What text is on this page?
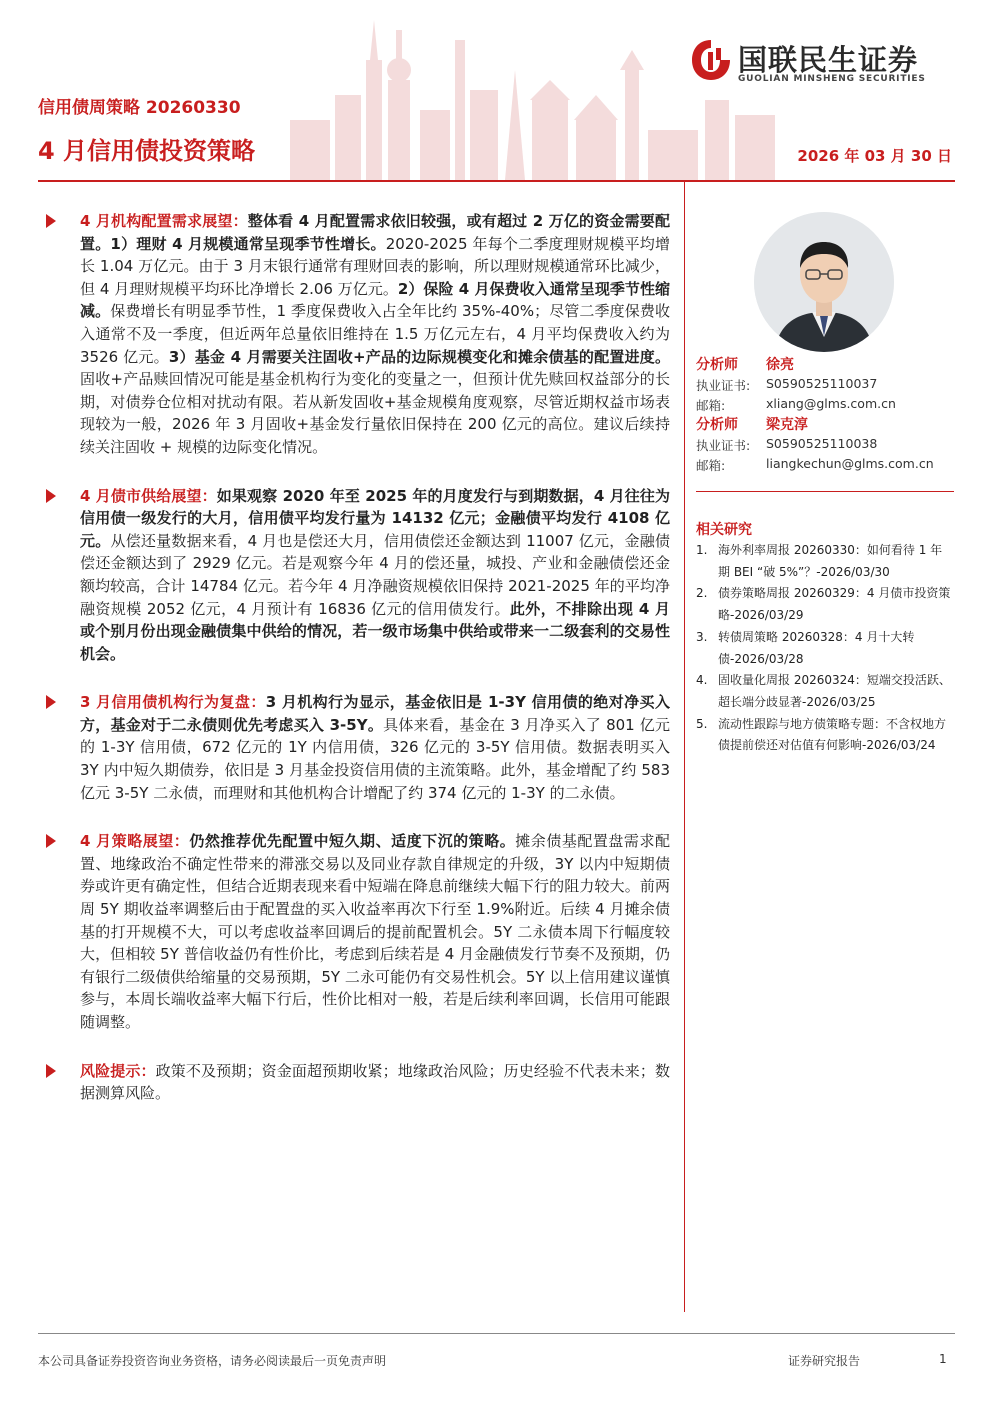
国联民生证券
GUOLIAN MINSHENG SECURITIES
信用债周策略 20260330
4 月信用债投资策略	2026 年 03 月 30 日
4 月机构配置需求展望：整体看 4 月配置需求依旧较强，或有超过 2 万亿的资金需要配置。1）理财 4 月规模通常呈现季节性增长。2020-2025 年每个二季度理财规模平均增长 1.04 万亿元。由于 3 月末银行通常有理财回表的影响，所以理财规模通常环比减少，但 4 月理财规模平均环比净增长 2.06 万亿元。2）保险 4 月保费收入通常呈现季节性缩减。保费增长有明显季节性，1 季度保费收入占全年比约 35%-40%；尽管二季度保费收入通常不及一季度，但近两年总量依旧维持在 1.5 万亿元左右，4 月平均保费收入约为 3526 亿元。3）基金 4 月需要关注固收+产品的边际规模变化和摊余债基的配置进度。固收+产品赎回情况可能是基金机构行为变化的变量之一，但预计优先赎回权益部分的长期，对债券仓位相对扰动有限。若从新发固收+基金规模角度观察，尽管近期权益市场表现较为一般，2026 年 3 月固收+基金发行量依旧保持在 200 亿元的高位。建议后续持续关注固收 + 规模的边际变化情况。
4 月债市供给展望：如果观察 2020 年至 2025 年的月度发行与到期数据，4 月往往为信用债一级发行的大月，信用债平均发行量为 14132 亿元；金融债平均发行 4108 亿元。从偿还量数据来看，4 月也是偿还大月，信用债偿还金额达到 11007 亿元，金融债偿还金额达到了 2929 亿元。若是观察今年 4 月的偿还量，城投、产业和金融债偿还金额均较高，合计 14784 亿元。若今年 4 月净融资规模依旧保持 2021-2025 年的平均净融资规模 2052 亿元，4 月预计有 16836 亿元的信用债发行。此外，不排除出现 4 月或个别月份出现金融债集中供给的情况，若一级市场集中供给或带来一二级套利的交易性机会。
3 月信用债机构行为复盘：3 月机构行为显示，基金依旧是 1-3Y 信用债的绝对净买入方，基金对于二永债则优先考虑买入 3-5Y。具体来看，基金在 3 月净买入了 801 亿元的 1-3Y 信用债，672 亿元的 1Y 内信用债，326 亿元的 3-5Y 信用债。数据表明买入 3Y 内中短久期债券，依旧是 3 月基金投资信用债的主流策略。此外，基金增配了约 583 亿元 3-5Y 二永债，而理财和其他机构合计增配了约 374 亿元的 1-3Y 的二永债。
4 月策略展望：仍然推荐优先配置中短久期、适度下沉的策略。摊余债基配置盘需求配置、地缘政治不确定性带来的滞涨交易以及同业存款自律规定的升级，3Y 以内中短期债券或许更有确定性，但结合近期表现来看中短端在降息前继续大幅下行的阻力较大。前两周 5Y 期收益率调整后由于配置盘的买入收益率再次下行至 1.9%附近。后续 4 月摊余债基的打开规模不大，可以考虑收益率回调后的提前配置机会。5Y 二永债本周下行幅度较大，但相较 5Y 普信收益仍有性价比，考虑到后续若是 4 月金融债发行节奏不及预期，仍有银行二级债供给缩量的交易预期，5Y 二永可能仍有交易性机会。5Y 以上信用建议谨慎参与，本周长端收益率大幅下行后，性价比相对一般，若是后续利率回调，长信用可能跟随调整。
风险提示：政策不及预期；资金面超预期收紧；地缘政治风险；历史经验不代表未来；数据测算风险。
分析师 徐亮
执业证书: S0590525110037
邮箱:	xliang@glms.com.cn
分析师 梁克淳
执业证书: S0590525110038
邮箱:	liangkechun@glms.com.cn
相关研究
1. 海外利率周报 20260330：如何看待 1 年期 BEI “破 5%”？-2026/03/30
2. 债券策略周报 20260329：4 月债市投资策略-2026/03/29
3. 转债周策略 20260328：4 月十大转债-2026/03/28
4. 固收量化周报 20260324：短端交投活跃、超长端分歧显著-2026/03/25
5. 流动性跟踪与地方债策略专题：不含权地方债提前偿还对估值有何影响-2026/03/24
本公司具备证券投资咨询业务资格，请务必阅读最后一页免责声明	证券研究报告	1
